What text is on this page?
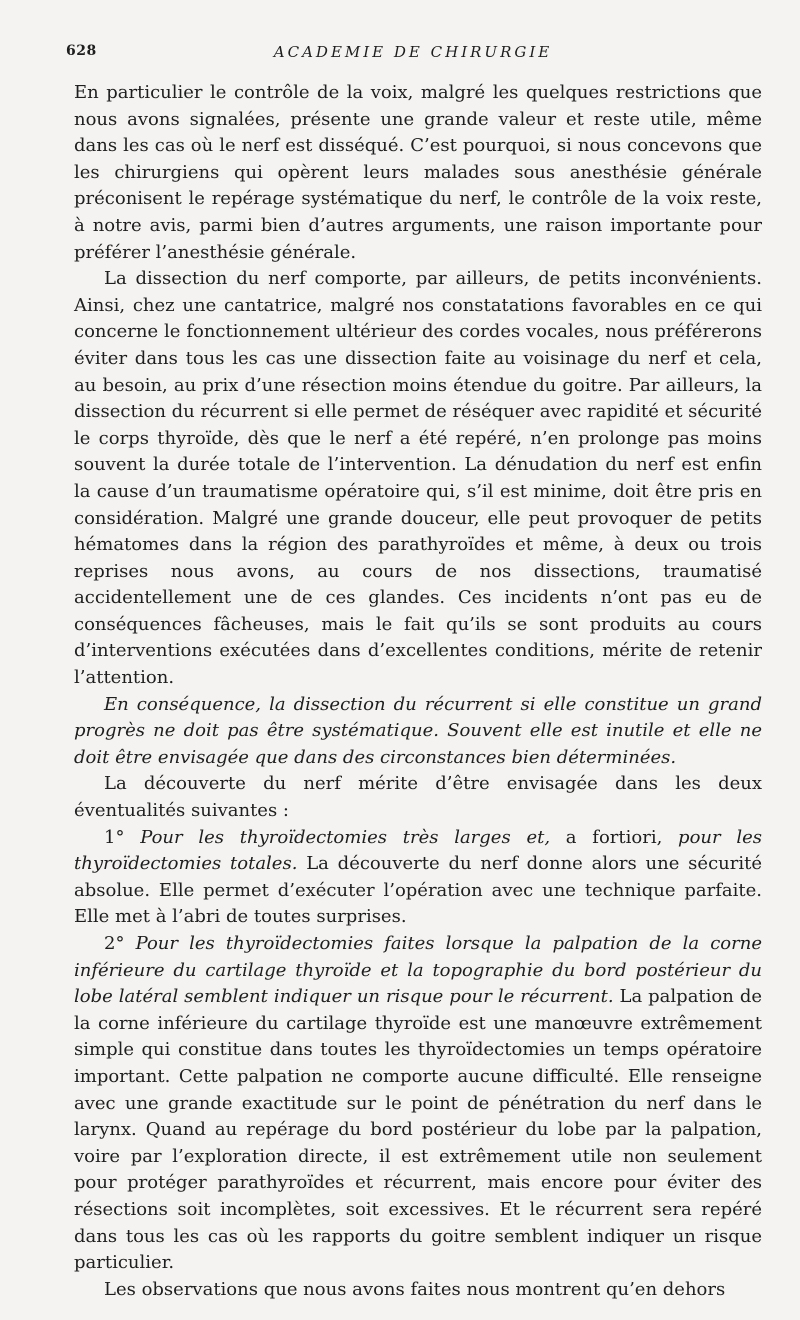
628	ACADEMIE DE CHIRURGIE

En particulier le contrôle de la voix, malgré les quelques restrictions que nous avons signalées, présente une grande valeur et reste utile, même dans les cas où le nerf est disséqué. C’est pourquoi, si nous concevons que les chirurgiens qui opèrent leurs malades sous anesthésie générale préconisent le repérage systématique du nerf, le contrôle de la voix reste, à notre avis, parmi bien d’autres arguments, une raison importante pour préférer l’anesthésie générale.

La dissection du nerf comporte, par ailleurs, de petits inconvénients. Ainsi, chez une cantatrice, malgré nos constatations favorables en ce qui concerne le fonctionnement ultérieur des cordes vocales, nous préférerons éviter dans tous les cas une dissection faite au voisinage du nerf et cela, au besoin, au prix d’une résection moins étendue du goitre. Par ailleurs, la dissection du récurrent si elle permet de réséquer avec rapidité et sécurité le corps thyroïde, dès que le nerf a été repéré, n’en prolonge pas moins souvent la durée totale de l’intervention. La dénudation du nerf est enfin la cause d’un traumatisme opératoire qui, s’il est minime, doit être pris en considération. Malgré une grande douceur, elle peut provoquer de petits hématomes dans la région des parathyroïdes et même, à deux ou trois reprises nous avons, au cours de nos dissections, traumatisé accidentellement une de ces glandes. Ces incidents n’ont pas eu de conséquences fâcheuses, mais le fait qu’ils se sont produits au cours d’interventions exécutées dans d’excellentes conditions, mérite de retenir l’attention.

En conséquence, la dissection du récurrent si elle constitue un grand progrès ne doit pas être systématique. Souvent elle est inutile et elle ne doit être envisagée que dans des circonstances bien déterminées.

La découverte du nerf mérite d’être envisagée dans les deux éventualités suivantes :

1° Pour les thyroïdectomies très larges et, a fortiori, pour les thyroïdectomies totales. La découverte du nerf donne alors une sécurité absolue. Elle permet d’exécuter l’opération avec une technique parfaite. Elle met à l’abri de toutes surprises.

2° Pour les thyroïdectomies faites lorsque la palpation de la corne inférieure du cartilage thyroïde et la topographie du bord postérieur du lobe latéral semblent indiquer un risque pour le récurrent. La palpation de la corne inférieure du cartilage thyroïde est une manœuvre extrêmement simple qui constitue dans toutes les thyroïdectomies un temps opératoire important. Cette palpation ne comporte aucune difficulté. Elle renseigne avec une grande exactitude sur le point de pénétration du nerf dans le larynx. Quand au repérage du bord postérieur du lobe par la palpation, voire par l’exploration directe, il est extrêmement utile non seulement pour protéger parathyroïdes et récurrent, mais encore pour éviter des résections soit incomplètes, soit excessives. Et le récurrent sera repéré dans tous les cas où les rapports du goitre semblent indiquer un risque particulier.

Les observations que nous avons faites nous montrent qu’en dehors
